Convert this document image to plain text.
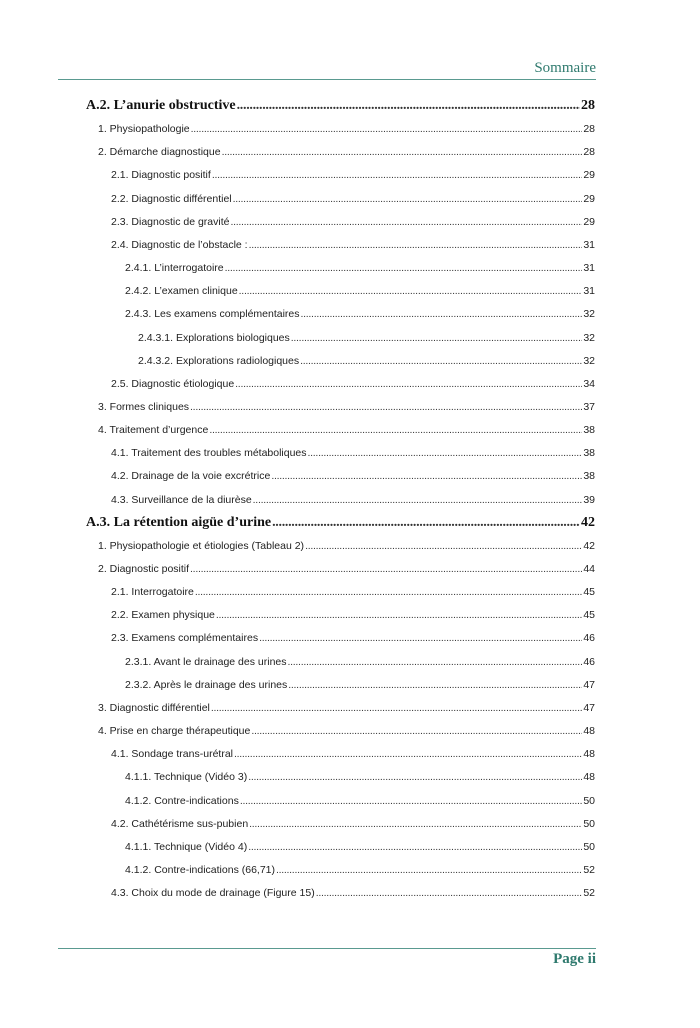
Sommaire
A.2. L’anurie obstructive . . .	28
1. Physiopathologie . . .	28
2. Démarche diagnostique . . .	28
2.1. Diagnostic positif . . .	29
2.2. Diagnostic différentiel . . .	29
2.3. Diagnostic de gravité . . .	29
2.4. Diagnostic de l’obstacle : . . .	31
2.4.1. L’interrogatoire . . .	31
2.4.2. L’examen clinique . . .	31
2.4.3. Les examens complémentaires . . .	32
2.4.3.1. Explorations biologiques . . .	32
2.4.3.2. Explorations radiologiques . . .	32
2.5. Diagnostic étiologique . . .	34
3. Formes cliniques . . .	37
4. Traitement d’urgence . . .	38
4.1. Traitement des troubles métaboliques . . .	38
4.2. Drainage de la voie excrétrice . . .	38
4.3. Surveillance de la diurèse . . .	39
A.3. La rétention aigüe d’urine . . .	42
1. Physiopathologie et étiologies (Tableau 2) . . .	42
2. Diagnostic positif . . .	44
2.1. Interrogatoire . . .	45
2.2. Examen physique . . .	45
2.3. Examens complémentaires . . .	46
2.3.1. Avant le drainage des urines . . .	46
2.3.2. Après le drainage des urines . . .	47
3. Diagnostic différentiel . . .	47
4. Prise en charge thérapeutique . . .	48
4.1. Sondage trans-urétral . . .	48
4.1.1. Technique (Vidéo 3) . . .	48
4.1.2. Contre-indications . . .	50
4.2. Cathétérisme sus-pubien . . .	50
4.1.1. Technique (Vidéo 4) . . .	50
4.1.2. Contre-indications (66,71) . . .	52
4.3. Choix du mode de drainage (Figure 15) . . .	52
Page ii
